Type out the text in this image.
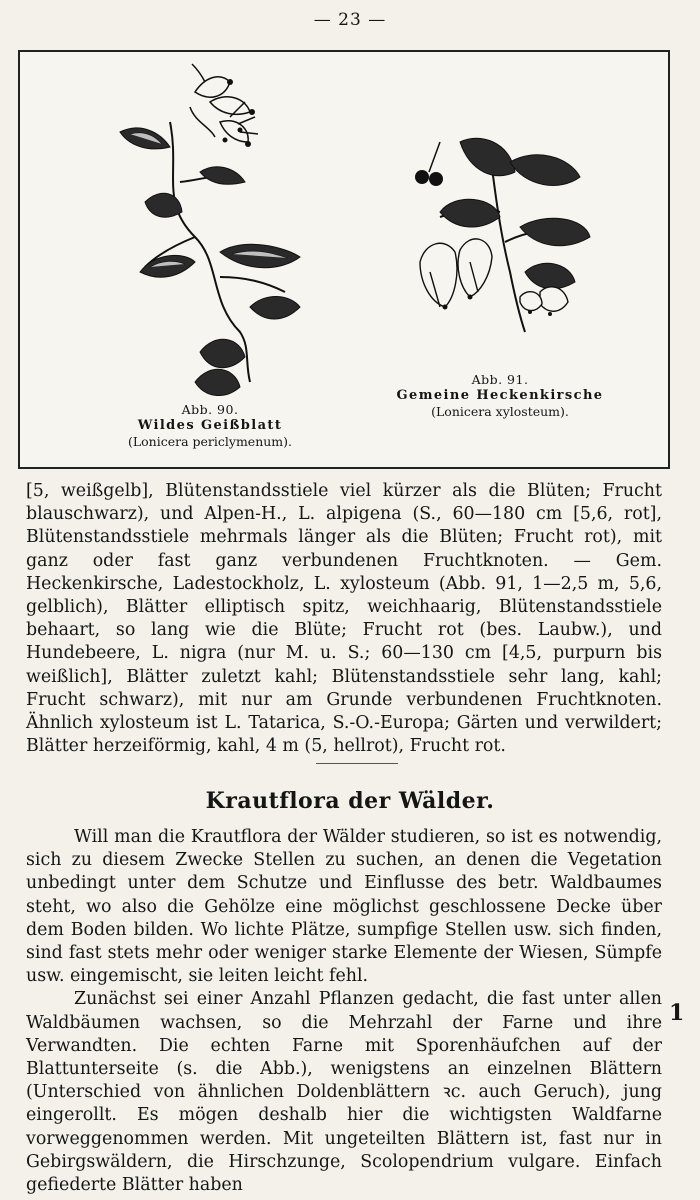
— 23 —
Abb. 90.
Wildes Geißblatt
(Lonicera periclymenum).
Abb. 91.
Gemeine Heckenkirsche
(Lonicera xylosteum).

[5, weißgelb], Blütenstandsstiele viel kürzer als die Blüten; Frucht blauschwarz), und Alpen-H., L. alpigena (S., 60—180 cm [5,6, rot], Blütenstandsstiele mehrmals länger als die Blüten; Frucht rot), mit ganz oder fast ganz verbundenen Fruchtknoten. — Gem. Heckenkirsche, Ladestockholz, L. xylosteum (Abb. 91, 1—2,5 m, 5,6, gelblich), Blätter elliptisch spitz, weichhaarig, Blütenstandsstiele behaart, so lang wie die Blüte; Frucht rot (bes. Laubw.), und Hundebeere, L. nigra (nur M. u. S.; 60—130 cm [4,5, purpurn bis weißlich], Blätter zuletzt kahl; Blütenstandsstiele sehr lang, kahl; Frucht schwarz), mit nur am Grunde verbundenen Fruchtknoten. Ähnlich xylosteum ist L. Tatarica, S.-O.-Europa; Gärten und verwildert; Blätter herzeiförmig, kahl, 4 m (5, hellrot), Frucht rot.

Krautflora der Wälder.

Will man die Krautflora der Wälder studieren, so ist es notwendig, sich zu diesem Zwecke Stellen zu suchen, an denen die Vegetation unbedingt unter dem Schutze und Einflusse des betr. Waldbaumes steht, wo also die Gehölze eine möglichst geschlossene Decke über dem Boden bilden. Wo lichte Plätze, sumpfige Stellen usw. sich finden, sind fast stets mehr oder weniger starke Elemente der Wiesen, Sümpfe usw. eingemischt, sie leiten leicht fehl.

Zunächst sei einer Anzahl Pflanzen gedacht, die fast unter allen Waldbäumen wachsen, so die Mehrzahl der Farne und ihre Verwandten. Die echten Farne mit Sporenhäufchen auf der Blattunterseite (s. die Abb.), wenigstens an einzelnen Blättern (Unterschied von ähnlichen Doldenblättern ꝛc. auch Geruch), jung eingerollt. Es mögen deshalb hier die wichtigsten Waldfarne vorweggenommen werden. Mit ungeteilten Blättern ist, fast nur in Gebirgswäldern, die Hirschzunge, Scolopendrium vulgare. Einfach gefiederte Blätter haben

1
